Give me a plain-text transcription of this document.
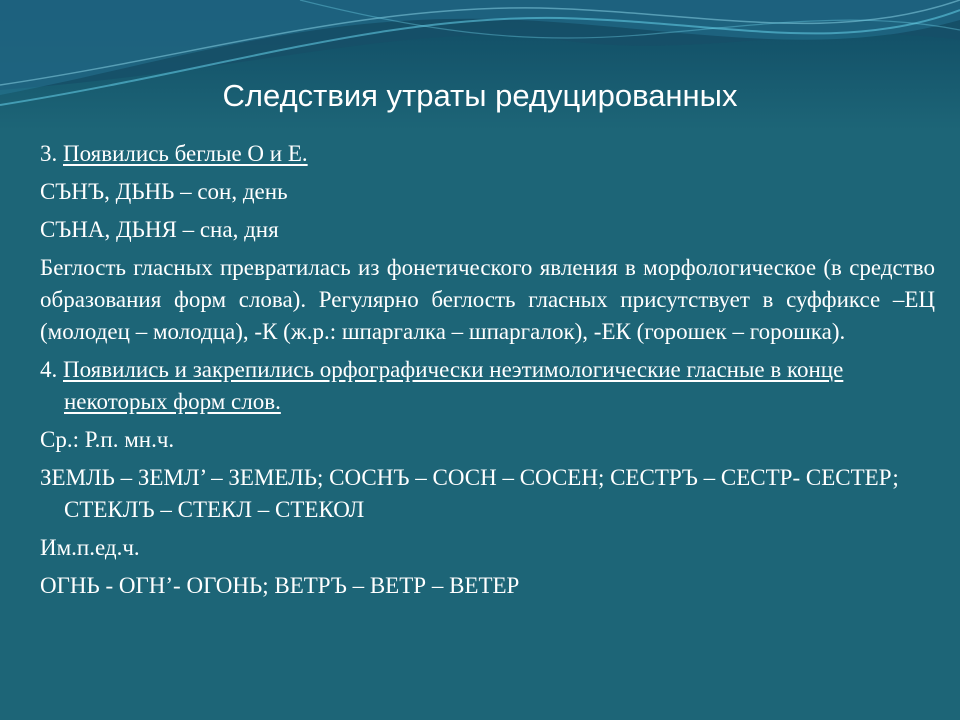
Следствия утраты редуцированных

3. Появились беглые О и Е.

СЪНЪ, ДЬНЬ – сон, день

СЪНА, ДЬНЯ – сна, дня

Беглость гласных превратилась из фонетического явления в морфологическое (в средство образования форм слова). Регулярно беглость гласных присутствует в суффиксе –ЕЦ (молодец – молодца), -К (ж.р.: шпаргалка – шпаргалок), -ЕК (горошек – горошка).

4. Появились и закрепились орфографически неэтимологические гласные в конце некоторых форм слов.

Ср.: Р.п. мн.ч.

ЗЕМЛЬ – ЗЕМЛ’ – ЗЕМЕЛЬ; СОСНЪ – СОСН – СОСЕН; СЕСТРЪ – СЕСТР- СЕСТЕР; СТЕКЛЪ – СТЕКЛ – СТЕКОЛ

Им.п.ед.ч.

ОГНЬ - ОГН’- ОГОНЬ; ВЕТРЪ – ВЕТР – ВЕТЕР
